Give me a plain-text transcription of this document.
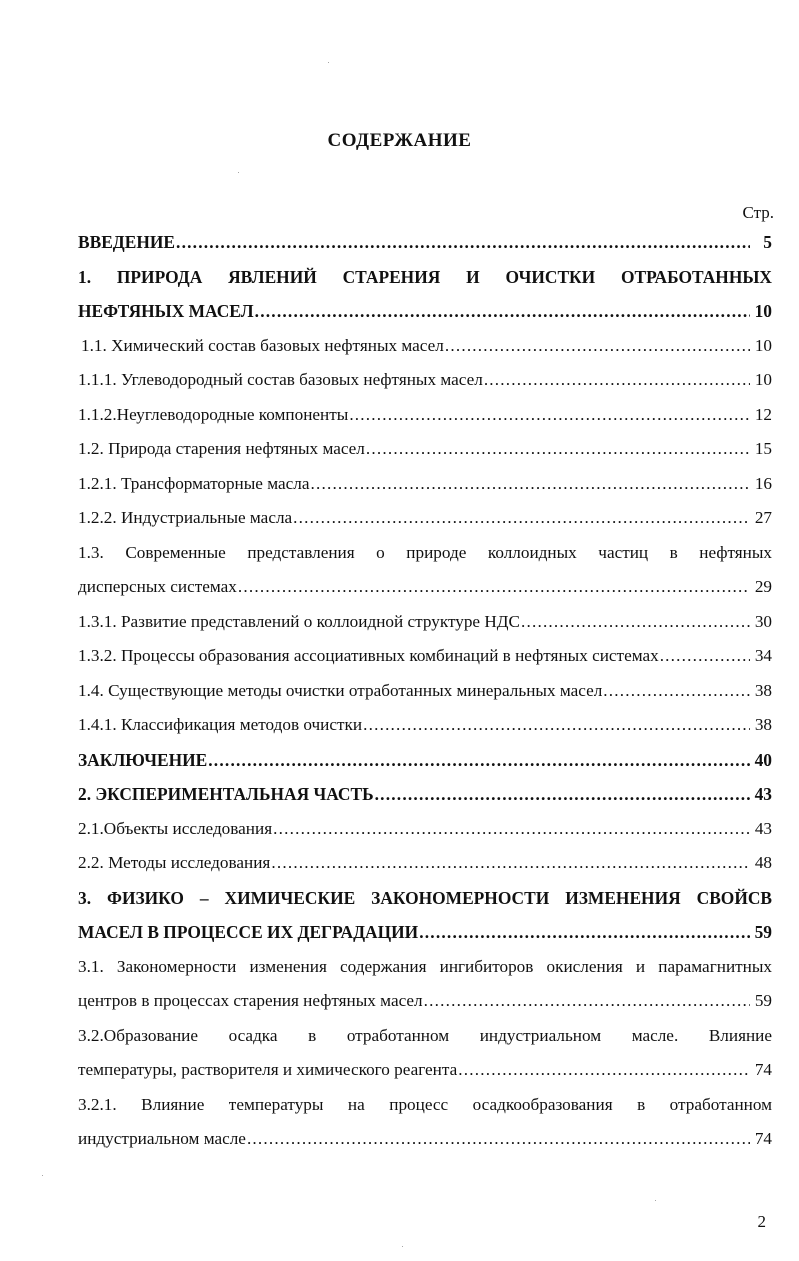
СОДЕРЖАНИЕ
Стр.
ВВЕДЕНИЕ .....	5
1. ПРИРОДА ЯВЛЕНИЙ СТАРЕНИЯ И ОЧИСТКИ ОТРАБОТАННЫХ
НЕФТЯНЫХ МАСЕЛ .....	10
1.1. Химический состав базовых нефтяных масел .....	10
1.1.1. Углеводородный состав базовых нефтяных масел .....	10
1.1.2.Неуглеводородные компоненты .....	12
1.2. Природа старения нефтяных масел .....	15
1.2.1. Трансформаторные масла .....	16
1.2.2. Индустриальные масла .....	27
1.3. Современные представления о природе коллоидных частиц в нефтяных
дисперсных системах .....	29
1.3.1. Развитие представлений о коллоидной структуре НДС .....	30
1.3.2. Процессы образования ассоциативных комбинаций в нефтяных системах .....	34
1.4. Существующие методы очистки отработанных минеральных масел .....	38
1.4.1. Классификация методов очистки .....	38
ЗАКЛЮЧЕНИЕ .....	40
2. ЭКСПЕРИМЕНТАЛЬНАЯ ЧАСТЬ .....	43
2.1.Объекты исследования .....	43
2.2. Методы исследования .....	48
3. ФИЗИКО – ХИМИЧЕСКИЕ ЗАКОНОМЕРНОСТИ ИЗМЕНЕНИЯ СВОЙСВ
МАСЕЛ В ПРОЦЕССЕ ИХ ДЕГРАДАЦИИ .....	59
3.1. Закономерности изменения содержания ингибиторов окисления и парамагнитных
центров в процессах старения нефтяных масел .....	59
3.2.Образование осадка в отработанном индустриальном масле. Влияние
температуры, растворителя и химического реагента .....	74
3.2.1. Влияние температуры на процесс осадкообразования в отработанном
индустриальном масле .....	74
2
